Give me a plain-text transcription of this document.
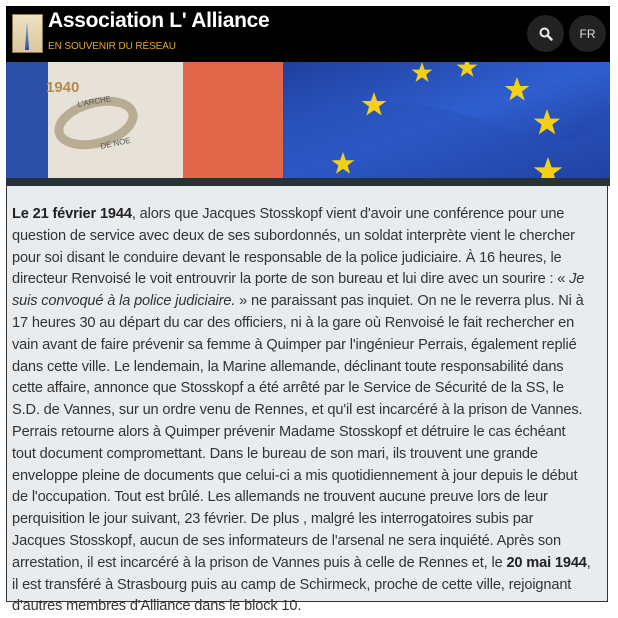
Association L' Alliance
EN SOUVENIR DU RÉSEAU
FR
1940
L'ARCHE
DE NOE
Le 21 février 1944, alors que Jacques Stosskopf vient d'avoir une conférence pour une
question de service avec deux de ses subordonnés, un soldat interprète vient le chercher
pour soi disant le conduire devant le responsable de la police judiciaire. À 16 heures, le
directeur Renvoisé le voit entrouvrir la porte de son bureau et lui dire avec un sourire : « Je
suis convoqué à la police judiciaire. » ne paraissant pas inquiet. On ne le reverra plus. Ni à
17 heures 30 au départ du car des officiers, ni à la gare où Renvoisé le fait rechercher en
vain avant de faire prévenir sa femme à Quimper par l'ingénieur Perrais, également replié
dans cette ville. Le lendemain, la Marine allemande, déclinant toute responsabilité dans
cette affaire, annonce que Stosskopf a été arrêté par le Service de Sécurité de la SS, le
S.D. de Vannes, sur un ordre venu de Rennes, et qu'il est incarcéré à la prison de Vannes.
Perrais retourne alors à Quimper prévenir Madame Stosskopf et détruire le cas échéant
tout document compromettant. Dans le bureau de son mari, ils trouvent une grande
enveloppe pleine de documents que celui-ci a mis quotidiennement à jour depuis le début
de l'occupation. Tout est brûlé. Les allemands ne trouvent aucune preuve lors de leur
perquisition le jour suivant, 23 février. De plus , malgré les interrogatoires subis par
Jacques Stosskopf, aucun de ses informateurs de l'arsenal ne sera inquiété. Après son
arrestation, il est incarcéré à la prison de Vannes puis à celle de Rennes et, le 20 mai 1944,
il est transféré à Strasbourg puis au camp de Schirmeck, proche de cette ville, rejoignant
d'autres membres d'Alliance dans le block 10.
